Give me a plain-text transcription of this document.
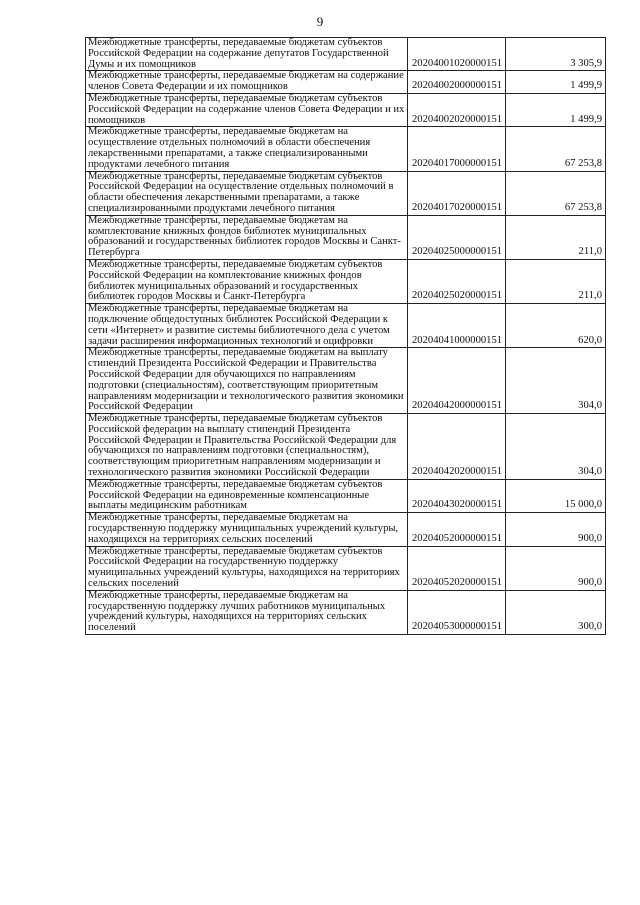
9
Межбюджетные трансферты, передаваемые бюджетам субъектов Российской Федерации на содержание депутатов Государственной Думы и их помощников	20204001020000151	3 305,9

Межбюджетные трансферты, передаваемые бюджетам на содержание членов Совета Федерации и их помощников	20204002000000151	1 499,9

Межбюджетные трансферты, передаваемые бюджетам субъектов Российской Федерации на содержание членов Совета Федерации и их помощников	20204002020000151	1 499,9

Межбюджетные трансферты, передаваемые бюджетам на осуществление отдельных полномочий в области обеспечения лекарственными препаратами, а также специализированными продуктами лечебного питания	20204017000000151	67 253,8

Межбюджетные трансферты, передаваемые бюджетам субъектов Российской Федерации на осуществление отдельных полномочий в области обеспечения лекарственными препаратами, а также специализированными продуктами лечебного питания	20204017020000151	67 253,8

Межбюджетные трансферты, передаваемые бюджетам на комплектование книжных фондов библиотек муниципальных образований и государственных библиотек городов Москвы и Санкт-Петербурга	20204025000000151	211,0

Межбюджетные трансферты, передаваемые бюджетам субъектов Российской Федерации на комплектование книжных фондов библиотек муниципальных образований и государственных библиотек городов Москвы и Санкт-Петербурга	20204025020000151	211,0

Межбюджетные трансферты, передаваемые бюджетам на подключение общедоступных библиотек Российской Федерации к сети «Интернет» и развитие системы библиотечного дела с учетом задачи расширения информационных технологий и оцифровки	20204041000000151	620,0

Межбюджетные трансферты, передаваемые бюджетам на выплату стипендий Президента Российской Федерации и Правительства Российской Федерации для обучающихся по направлениям подготовки (специальностям), соответствующим приоритетным направлениям модернизации и технологического развития экономики Российской Федерации	20204042000000151	304,0

Межбюджетные трансферты, передаваемые бюджетам субъектов Российской федерации на выплату стипендий Президента Российской Федерации и Правительства Российской Федерации для обучающихся по направлениям подготовки (специальностям), соответствующим приоритетным направлениям модернизации и технологического развития экономики Российской Федерации	20204042020000151	304,0

Межбюджетные трансферты, передаваемые бюджетам субъектов Российской Федерации на единовременные компенсационные выплаты медицинским работникам	20204043020000151	15 000,0

Межбюджетные трансферты, передаваемые бюджетам на государственную поддержку муниципальных учреждений культуры, находящихся на территориях сельских поселений	20204052000000151	900,0

Межбюджетные трансферты, передаваемые бюджетам субъектов Российской Федерации на государственную поддержку муниципальных учреждений культуры, находящихся на территориях сельских поселений	20204052020000151	900,0

Межбюджетные трансферты, передаваемые бюджетам на государственную поддержку лучших работников муниципальных учреждений культуры, находящихся на территориях сельских поселений	20204053000000151	300,0
